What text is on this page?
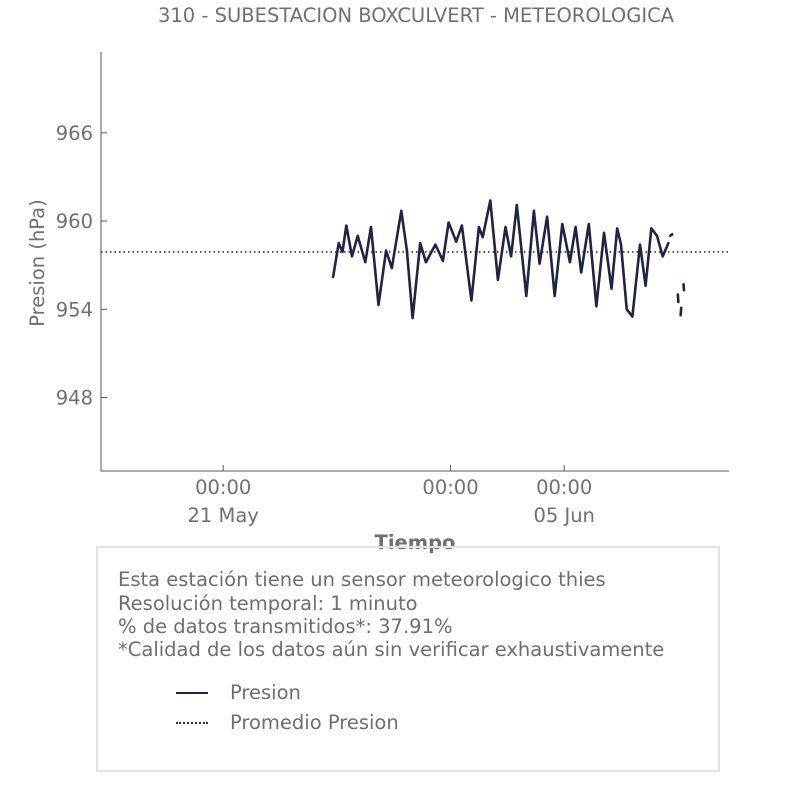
310 - SUBESTACION BOXCULVERT - METEOROLOGICA
Presion (hPa)
Tiempo
948
954
960
966
00:00
21 May
00:00	00:00
05 Jun
Esta estación tiene un sensor meteorologico thies
Resolución temporal: 1 minuto
% de datos transmitidos*: 37.91%
*Calidad de los datos aún sin verificar exhaustivamente
Presion
Promedio Presion
